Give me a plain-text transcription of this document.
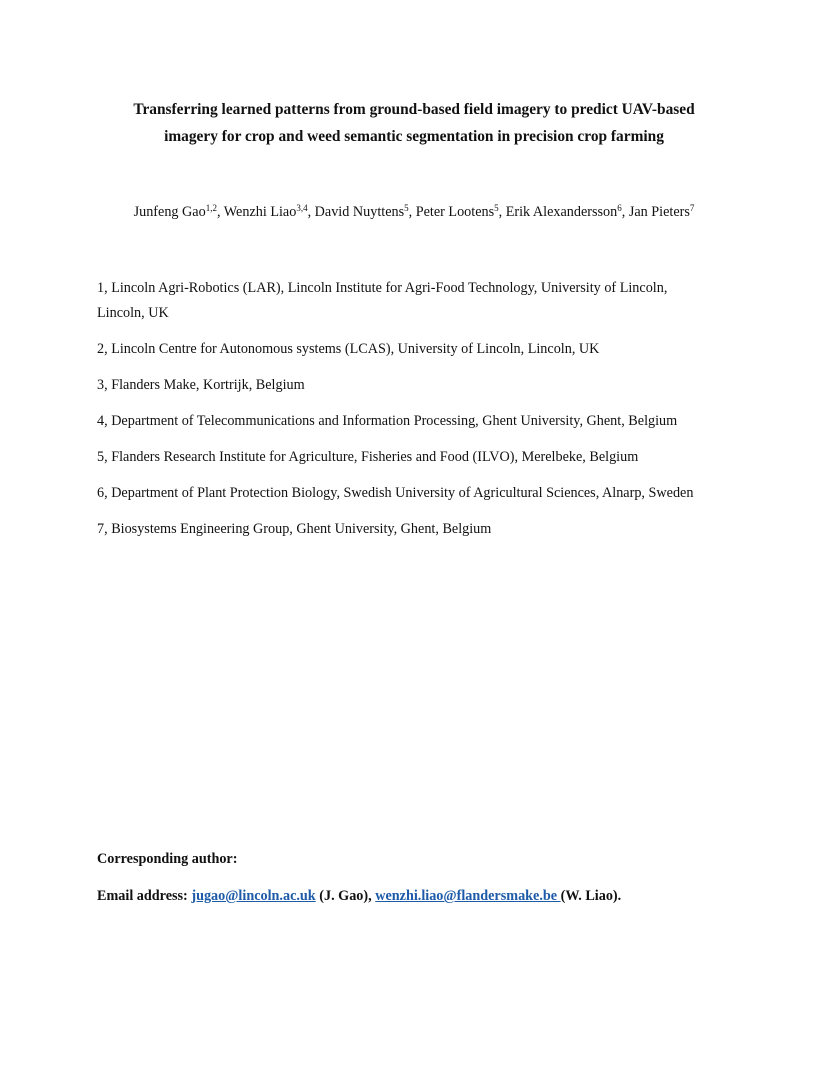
Transferring learned patterns from ground-based field imagery to predict UAV-based
imagery for crop and weed semantic segmentation in precision crop farming
Junfeng Gao$^{1,2}$, Wenzhi Liao$^{3,4}$, David Nuyttens$^5$, Peter Lootens$^5$, Erik Alexandersson$^6$, Jan Pieters$^7$

1, Lincoln Agri-Robotics (LAR), Lincoln Institute for Agri-Food Technology, University of Lincoln, Lincoln, UK

2, Lincoln Centre for Autonomous systems (LCAS), University of Lincoln, Lincoln, UK

3, Flanders Make, Kortrijk, Belgium

4, Department of Telecommunications and Information Processing, Ghent University, Ghent, Belgium

5, Flanders Research Institute for Agriculture, Fisheries and Food (ILVO), Merelbeke, Belgium

6, Department of Plant Protection Biology, Swedish University of Agricultural Sciences, Alnarp, Sweden

7, Biosystems Engineering Group, Ghent University, Ghent, Belgium

Corresponding author:
Email address: jugao@lincoln.ac.uk (J. Gao), wenzhi.liao@flandersmake.be (W. Liao).
